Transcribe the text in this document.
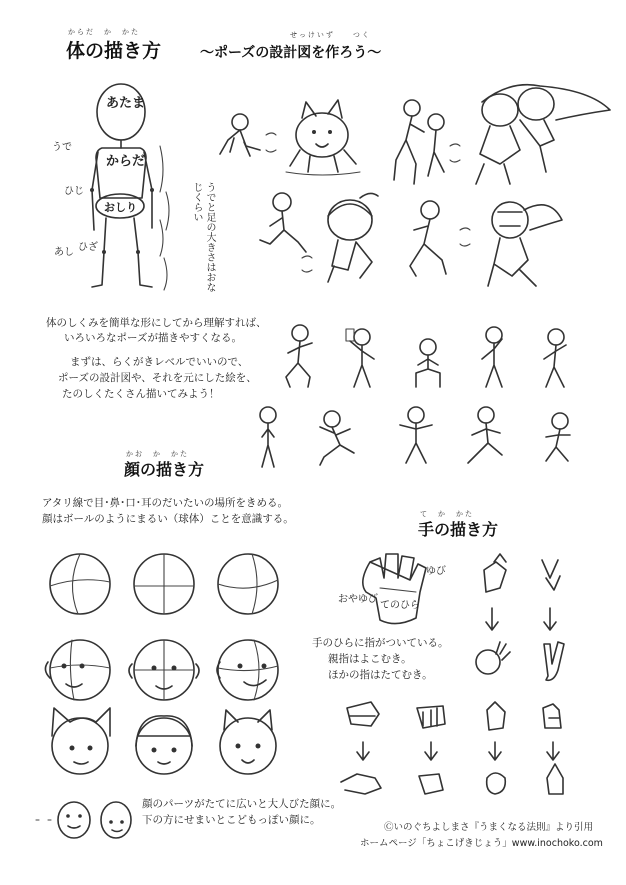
からだ　か　かた
体の描き方
せっけいず　　つく
～ポーズの設計図を作ろう～
あたま
からだ
おしり
うで
ひじ
ひざ
あし	うでと足の大きさはおなじくらい
体のしくみを簡単な形にしてから理解すれば、
いろいろなポーズが描きやすくなる。
まずは、らくがきレベルでいいので、
ポーズの設計図や、それを元にした絵を、
たのしくたくさん描いてみよう！
かお　か　かた
顔の描き方
アタリ線で目･鼻･口･耳のだいたいの場所をきめる。
顔はボールのようにまるい（球体）ことを意識する。
顔のパーツがたてに広いと大人びた顔に。
下の方にせまいとこどもっぽい顔に。
て　か　かた
手の描き方
ゆび
おやゆび
てのひら
手のひらに指がついている。
親指はよこむき。
ほかの指はたてむき。
Ⓒいのぐちよしまさ『うまくなる法則』より引用
ホームページ「ちょこげきじょう」www.inochoko.com
